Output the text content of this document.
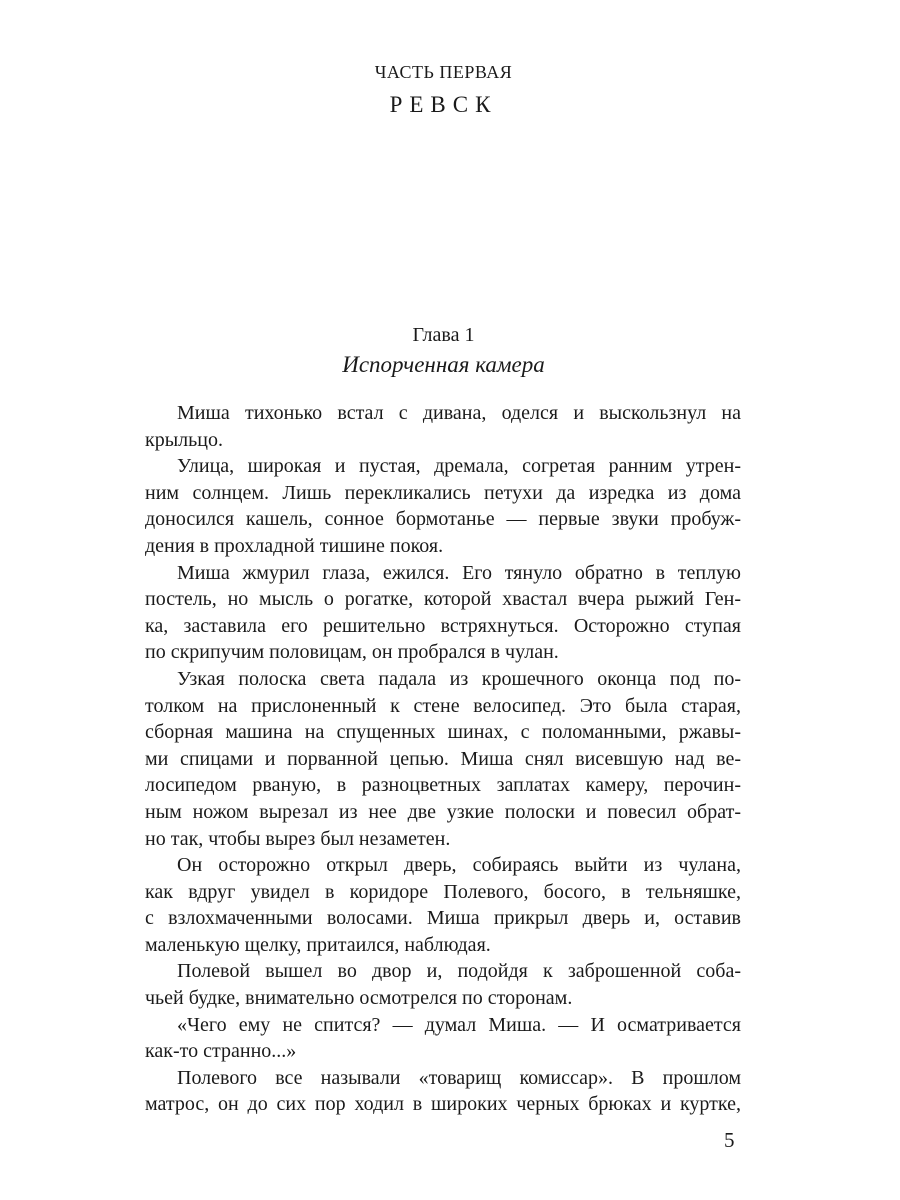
ЧАСТЬ ПЕРВАЯ
РЕВСК
Глава 1
Испорченная камера
Миша тихонько встал с дивана, оделся и выскользнул на
крыльцо.
Улица, широкая и пустая, дремала, согретая ранним утрен-
ним солнцем. Лишь перекликались петухи да изредка из дома
доносился кашель, сонное бормотанье — первые звуки пробуж-
дения в прохладной тишине покоя.
Миша жмурил глаза, ежился. Его тянуло обратно в теплую
постель, но мысль о рогатке, которой хвастал вчера рыжий Ген-
ка, заставила его решительно встряхнуться. Осторожно ступая
по скрипучим половицам, он пробрался в чулан.
Узкая полоска света падала из крошечного оконца под по-
толком на прислоненный к стене велосипед. Это была старая,
сборная машина на спущенных шинах, с поломанными, ржавы-
ми спицами и порванной цепью. Миша снял висевшую над ве-
лосипедом рваную, в разноцветных заплатах камеру, перочин-
ным ножом вырезал из нее две узкие полоски и повесил обрат-
но так, чтобы вырез был незаметен.
Он осторожно открыл дверь, собираясь выйти из чулана,
как вдруг увидел в коридоре Полевого, босого, в тельняшке,
с взлохмаченными волосами. Миша прикрыл дверь и, оставив
маленькую щелку, притаился, наблюдая.
Полевой вышел во двор и, подойдя к заброшенной соба-
чьей будке, внимательно осмотрелся по сторонам.
«Чего ему не спится? — думал Миша. — И осматривается
как-то странно...»
Полевого все называли «товарищ комиссар». В прошлом
матрос, он до сих пор ходил в широких черных брюках и куртке,
5
